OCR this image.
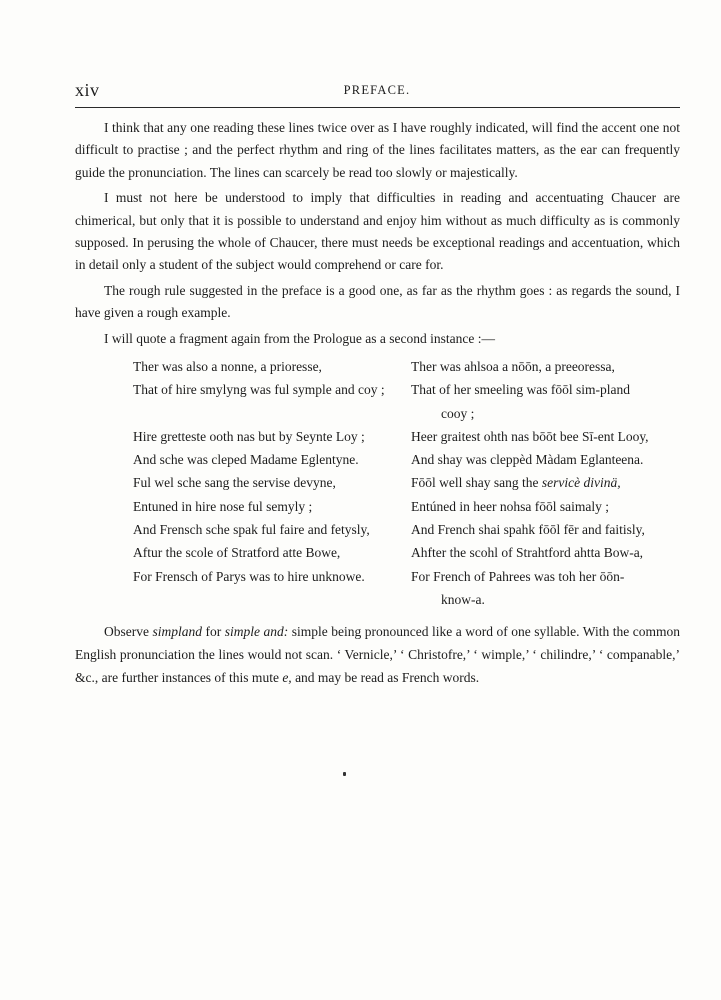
xiv	PREFACE.

I think that any one reading these lines twice over as I have roughly indicated, will find the accent one not difficult to practise ; and the perfect rhythm and ring of the lines facilitates matters, as the ear can frequently guide the pronunciation. The lines can scarcely be read too slowly or majestically.

I must not here be understood to imply that difficulties in reading and accentuating Chaucer are chimerical, but only that it is possible to understand and enjoy him without as much difficulty as is commonly supposed. In perusing the whole of Chaucer, there must needs be exceptional readings and accentuation, which in detail only a student of the subject would comprehend or care for.

The rough rule suggested in the preface is a good one, as far as the rhythm goes : as regards the sound, I have given a rough example.

I will quote a fragment again from the Prologue as a second instance :—

Ther was also a nonne, a prioresse,	Ther was ahlsoa a nōōn, a preeoressa,
That of hire smylyng was ful symple and coy ;	That of her smeeling was fōōl sim-pland
cooy ;
Hire gretteste ooth nas but by Seynte Loy ;	Heer graitest ohth nas bōōt bee Sī-ent Looy,
And sche was cleped Madame Eglentyne.	And shay was cleppèd Màdam Eglanteena.
Ful wel sche sang the servise devyne,	Fōōl well shay sang the servicè divinä,
Entuned in hire nose ful semyly ;	Entúned in heer nohsa fōōl saimaly ;
And Frensch sche spak ful faire and fetysly,	And French shai spahk fōōl fēr and faitisly,
Aftur the scole of Stratford atte Bowe,	Ahfter the scohl of Strahtford ahtta Bow-a,
For Frensch of Parys was to hire unknowe.	For French of Pahrees was toh her ōōn-
know-a.

Observe simpland for simple and: simple being pronounced like a word of one syllable. With the common English pronunciation the lines would not scan. ‘ Vernicle,’ ‘ Christofre,’ ‘ wimple,’ ‘ chilindre,’ ‘ companable,’ &c., are further instances of this mute e, and may be read as French words.
